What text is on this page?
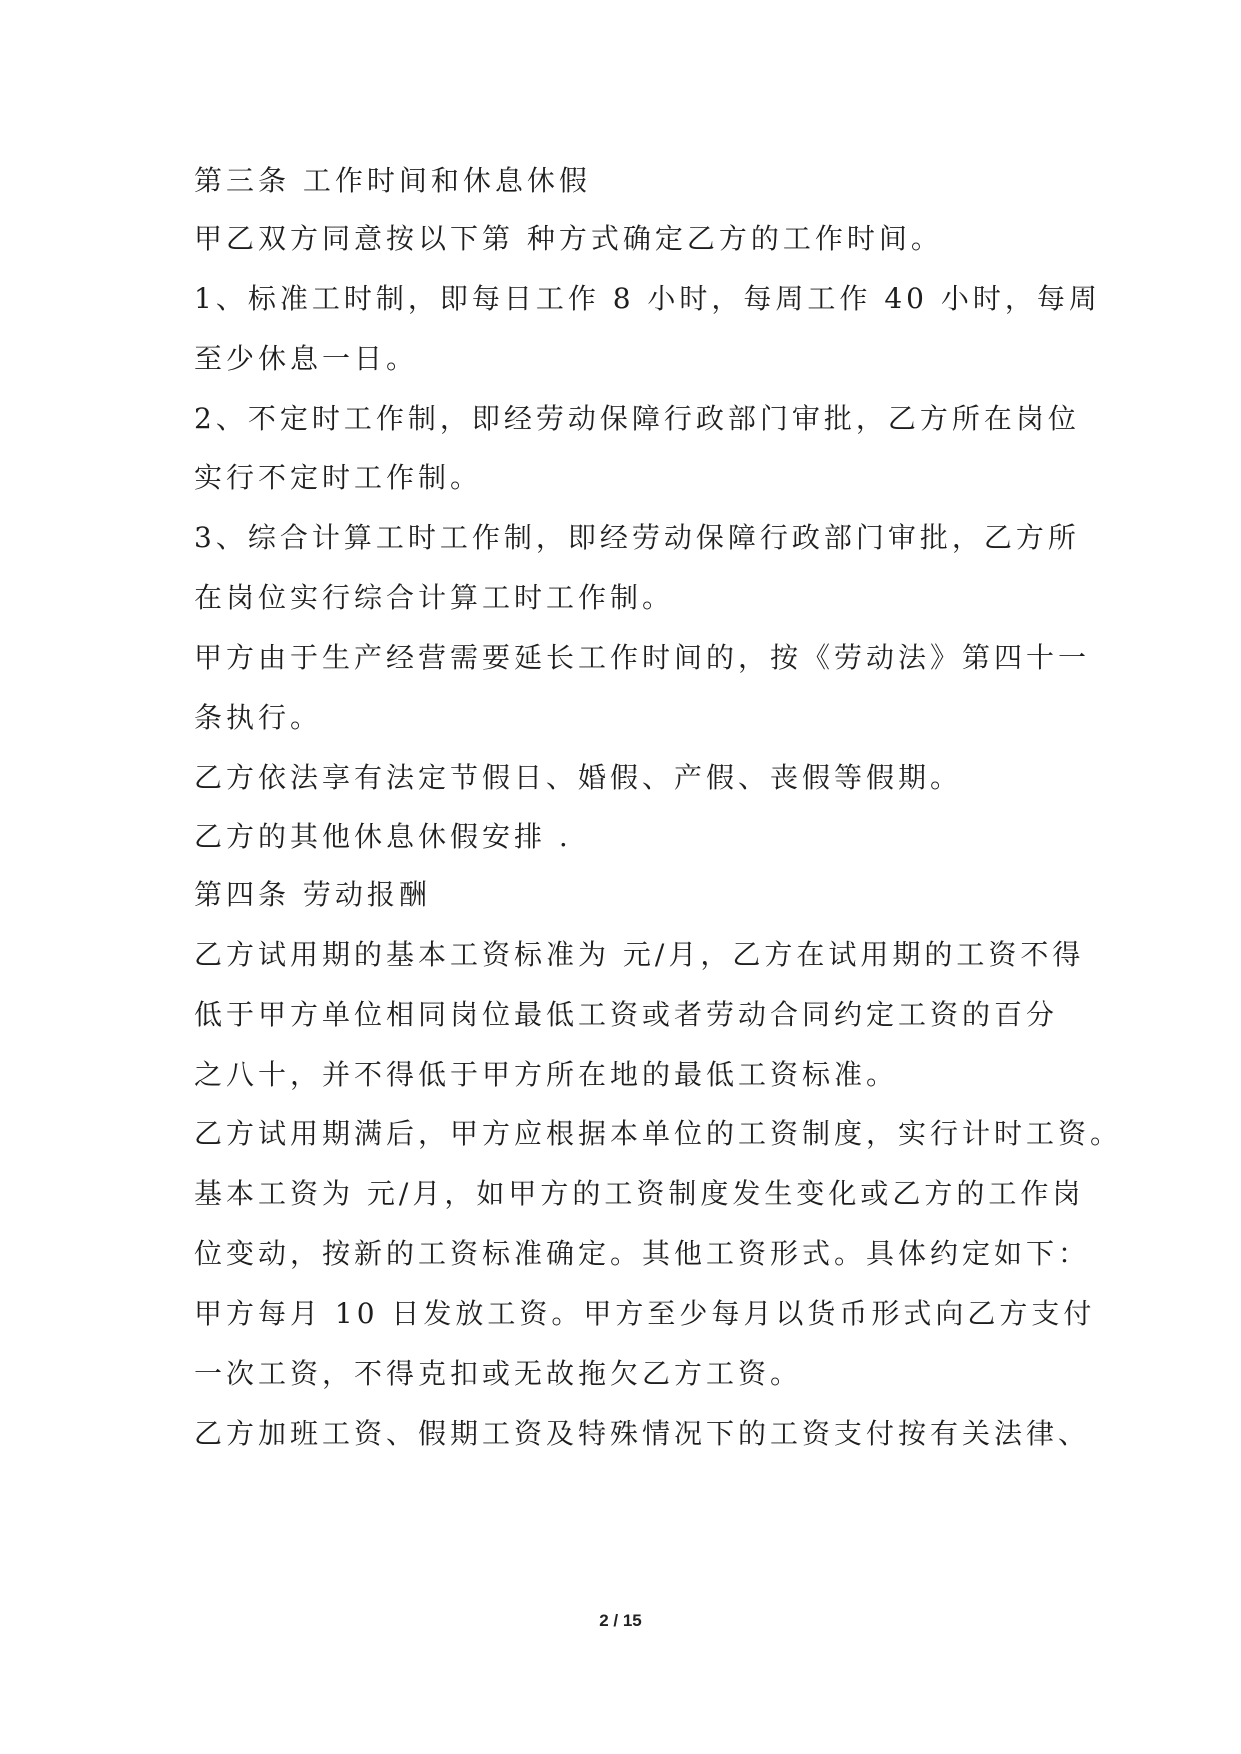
第三条 工作时间和休息休假
甲乙双方同意按以下第 种方式确定乙方的工作时间。
1、标准工时制，即每日工作 8 小时，每周工作 40 小时，每周
至少休息一日。
2、不定时工作制，即经劳动保障行政部门审批，乙方所在岗位
实行不定时工作制。
3、综合计算工时工作制，即经劳动保障行政部门审批，乙方所
在岗位实行综合计算工时工作制。
甲方由于生产经营需要延长工作时间的，按《劳动法》第四十一
条执行。
乙方依法享有法定节假日、婚假、产假、丧假等假期。
乙方的其他休息休假安排 .
第四条 劳动报酬
乙方试用期的基本工资标准为 元/月，乙方在试用期的工资不得
低于甲方单位相同岗位最低工资或者劳动合同约定工资的百分
之八十，并不得低于甲方所在地的最低工资标准。
乙方试用期满后，甲方应根据本单位的工资制度，实行计时工资。
基本工资为 元/月，如甲方的工资制度发生变化或乙方的工作岗
位变动，按新的工资标准确定。其他工资形式。具体约定如下：
甲方每月 10 日发放工资。甲方至少每月以货币形式向乙方支付
一次工资，不得克扣或无故拖欠乙方工资。
乙方加班工资、假期工资及特殊情况下的工资支付按有关法律、
2 / 15
